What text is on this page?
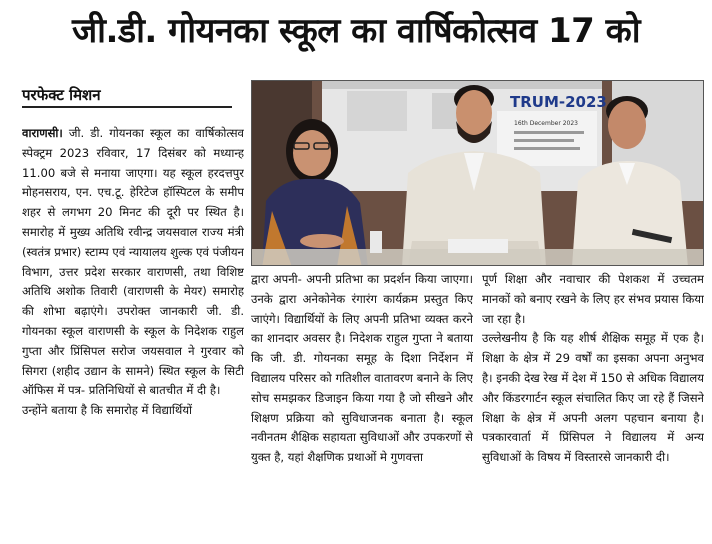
जी.डी. गोयनका स्कूल का वार्षिकोत्सव 17 को
परफेक्ट मिशन
वाराणसी। जी. डी. गोयनका स्कूल का वार्षिकोत्सव स्पेक्ट्रम 2023 रविवार, 17 दिसंबर को मध्यान्ह 11.00 बजे से मनाया जाएगा। यह स्कूल हरदत्तपुर मोहनसराय, एन. एच.टू. हेरिटेज हॉस्पिटल के समीप शहर से लगभग 20 मिनट की दूरी पर स्थित है। समारोह में मुख्य अतिथि रवीन्द्र जयसवाल राज्य मंत्री (स्वतंत्र प्रभार) स्टाम्प एवं न्यायालय शुल्क एवं पंजीयन विभाग, उत्तर प्रदेश सरकार वाराणसी, तथा विशिष्ट अतिथि अशोक तिवारी (वाराणसी के मेयर) समारोह की शोभा बढ़ाएंगे। उपरोक्त जानकारी जी. डी. गोयनका स्कूल वाराणसी के स्कूल के निदेशक राहुल गुप्ता और प्रिंसिपल सरोज जयसवाल ने गुरवार को सिगरा (शहीद उद्यान के सामने) स्थित स्कूल के सिटी ऑफिस में पत्र- प्रतिनिधियों से बातचीत में दी है।
उन्होंने बताया है कि समारोह में विद्यार्थियों
TRUM-2023
16th December 2023
द्वारा अपनी- अपनी प्रतिभा का प्रदर्शन किया जाएगा। उनके द्वारा अनेकोनेक रंगारंग कार्यक्रम प्रस्तुत किए जाएंगे। विद्यार्थियों के लिए अपनी प्रतिभा व्यक्त करने का शानदार अवसर है। निदेशक राहुल गुप्ता ने बताया कि जी. डी. गोयनका समूह के दिशा निर्देशन में विद्यालय परिसर को गतिशील वातावरण बनाने के लिए सोच समझकर डिजाइन किया गया है जो सीखने और शिक्षण प्रक्रिया को सुविधाजनक बनाता है। स्कूल नवीनतम शैक्षिक सहायता सुविधाओं और उपकरणों से युक्त है, यहां शैक्षणिक प्रथाओं मे गुणवत्ता
पूर्ण शिक्षा और नवाचार की पेशकश में उच्चतम मानकों को बनाए रखने के लिए हर संभव प्रयास किया जा रहा है।
उल्लेखनीय है कि यह शीर्ष शैक्षिक समूह में एक है। शिक्षा के क्षेत्र में 29 वर्षों का इसका अपना अनुभव है। इनकी देख रेख में देश में 150 से अधिक विद्यालय और किंडरगार्टन स्कूल संचालित किए जा रहे हैं जिसने शिक्षा के क्षेत्र में अपनी अलग पहचान बनाया है। पत्रकारवार्ता में प्रिंसिपल ने विद्यालय में अन्य सुविधाओं के विषय में विस्तारसे जानकारी दी।
